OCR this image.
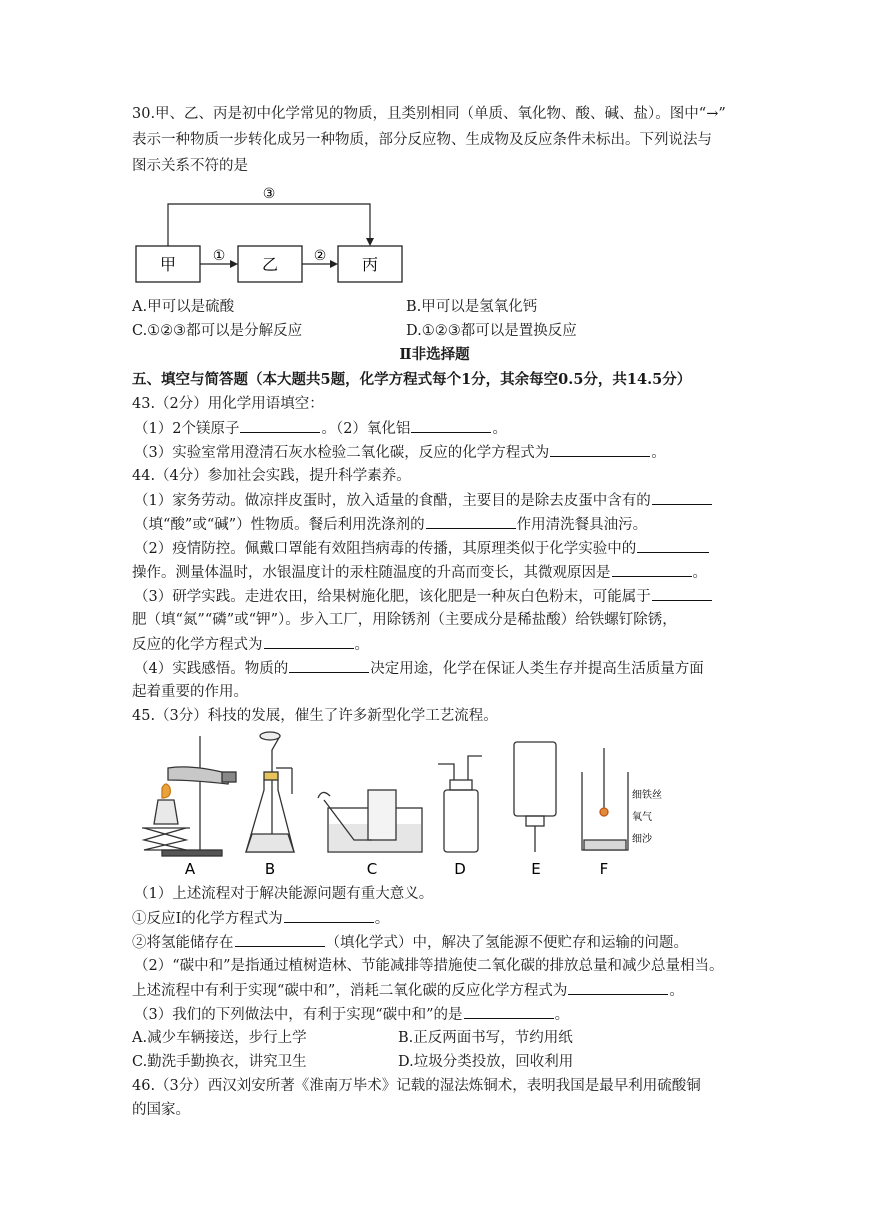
30.甲、乙、丙是初中化学常见的物质，且类别相同（单质、氧化物、酸、碱、盐）。图中“→”
表示一种物质一步转化成另一种物质，部分反应物、生成物及反应条件未标出。下列说法与
图示关系不符的是
甲	乙	丙
①	②
③
A.甲可以是硫酸	B.甲可以是氢氧化钙
C.①②③都可以是分解反应	D.①②③都可以是置换反应
Ⅱ非选择题
五、填空与简答题（本大题共5题，化学方程式每个1分，其余每空0.5分，共14.5分）
43.（2分）用化学用语填空：
（1）2个镁原子	。（2）氧化铝	。
（3）实验室常用澄清石灰水检验二氧化碳，反应的化学方程式为	。
44.（4分）参加社会实践，提升科学素养。
（1）家务劳动。做凉拌皮蛋时，放入适量的食醋，主要目的是除去皮蛋中含有的
（填“酸”或“碱”）性物质。餐后利用洗涤剂的	作用清洗餐具油污。
（2）疫情防控。佩戴口罩能有效阻挡病毒的传播，其原理类似于化学实验中的
操作。测量体温时，水银温度计的汞柱随温度的升高而变长，其微观原因是	。
（3）研学实践。走进农田，给果树施化肥，该化肥是一种灰白色粉末，可能属于
肥（填“氮”“磷”或“钾”）。步入工厂，用除锈剂（主要成分是稀盐酸）给铁螺钉除锈，
反应的化学方程式为	。
（4）实践感悟。物质的	决定用途，化学在保证人类生存并提高生活质量方面
起着重要的作用。
45.（3分）科技的发展，催生了许多新型化学工艺流程。
A	B	C	D	E
细铁丝
氧气
细沙
F
（1）上述流程对于解决能源问题有重大意义。
①反应Ⅰ的化学方程式为	。
②将氢能储存在	（填化学式）中，解决了氢能源不便贮存和运输的问题。
（2）“碳中和”是指通过植树造林、节能减排等措施使二氧化碳的排放总量和减少总量相当。
上述流程中有利于实现“碳中和”，消耗二氧化碳的反应化学方程式为	。
（3）我们的下列做法中，有利于实现“碳中和”的是	。
A.减少车辆接送，步行上学	B.正反两面书写，节约用纸
C.勤洗手勤换衣，讲究卫生	D.垃圾分类投放，回收利用
46.（3分）西汉刘安所著《淮南万毕术》记载的湿法炼铜术，表明我国是最早利用硫酸铜
的国家。
